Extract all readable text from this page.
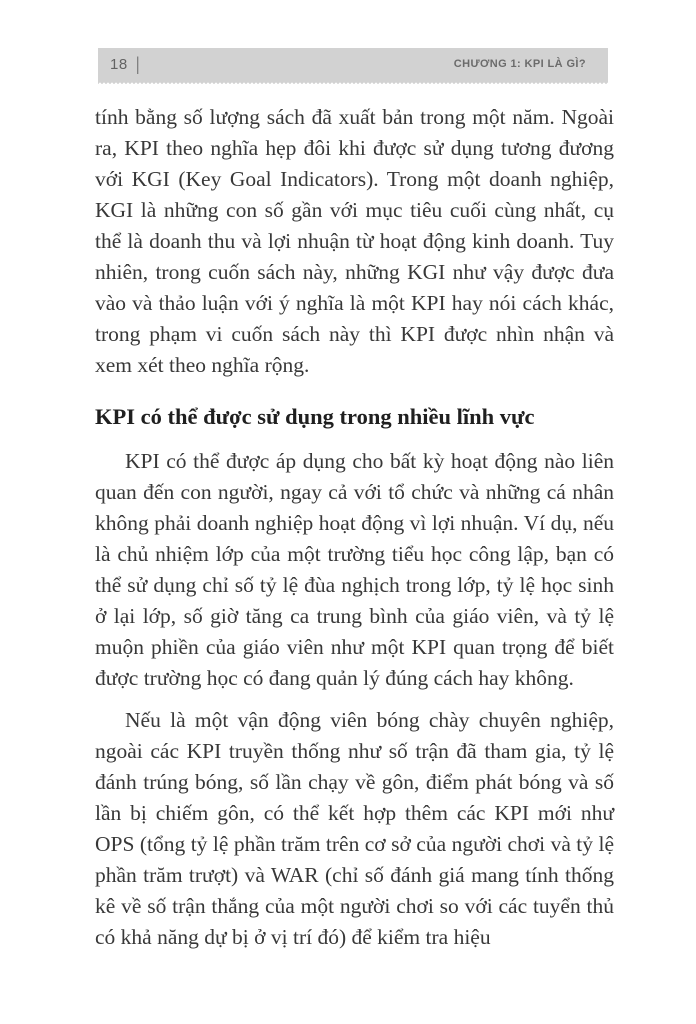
18 |	CHƯƠNG 1: KPI LÀ GÌ?

tính bằng số lượng sách đã xuất bản trong một năm. Ngoài ra, KPI theo nghĩa hẹp đôi khi được sử dụng tương đương với KGI (Key Goal Indicators). Trong một doanh nghiệp, KGI là những con số gần với mục tiêu cuối cùng nhất, cụ thể là doanh thu và lợi nhuận từ hoạt động kinh doanh. Tuy nhiên, trong cuốn sách này, những KGI như vậy được đưa vào và thảo luận với ý nghĩa là một KPI hay nói cách khác, trong phạm vi cuốn sách này thì KPI được nhìn nhận và xem xét theo nghĩa rộng.

KPI có thể được sử dụng trong nhiều lĩnh vực

KPI có thể được áp dụng cho bất kỳ hoạt động nào liên quan đến con người, ngay cả với tổ chức và những cá nhân không phải doanh nghiệp hoạt động vì lợi nhuận. Ví dụ, nếu là chủ nhiệm lớp của một trường tiểu học công lập, bạn có thể sử dụng chỉ số tỷ lệ đùa nghịch trong lớp, tỷ lệ học sinh ở lại lớp, số giờ tăng ca trung bình của giáo viên, và tỷ lệ muộn phiền của giáo viên như một KPI quan trọng để biết được trường học có đang quản lý đúng cách hay không.

Nếu là một vận động viên bóng chày chuyên nghiệp, ngoài các KPI truyền thống như số trận đã tham gia, tỷ lệ đánh trúng bóng, số lần chạy về gôn, điểm phát bóng và số lần bị chiếm gôn, có thể kết hợp thêm các KPI mới như OPS (tổng tỷ lệ phần trăm trên cơ sở của người chơi và tỷ lệ phần trăm trượt) và WAR (chỉ số đánh giá mang tính thống kê về số trận thắng của một người chơi so với các tuyển thủ có khả năng dự bị ở vị trí đó) để kiểm tra hiệu
